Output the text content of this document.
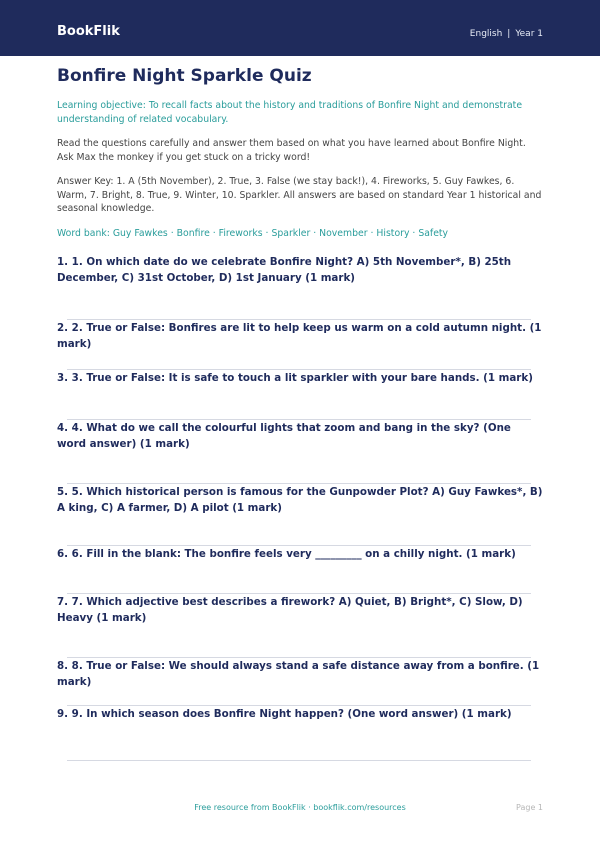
BookFlik	English | Year 1
Bonfire Night Sparkle Quiz
Learning objective: To recall facts about the history and traditions of Bonfire Night and demonstrate understanding of related vocabulary.
Read the questions carefully and answer them based on what you have learned about Bonfire Night. Ask Max the monkey if you get stuck on a tricky word!
Answer Key: 1. A (5th November), 2. True, 3. False (we stay back!), 4. Fireworks, 5. Guy Fawkes, 6. Warm, 7. Bright, 8. True, 9. Winter, 10. Sparkler. All answers are based on standard Year 1 historical and seasonal knowledge.
Word bank: Guy Fawkes · Bonfire · Fireworks · Sparkler · November · History · Safety

1. 1. On which date do we celebrate Bonfire Night? A) 5th November*, B) 25th December, C) 31st October, D) 1st January (1 mark)

2. 2. True or False: Bonfires are lit to help keep us warm on a cold autumn night. (1 mark)

3. 3. True or False: It is safe to touch a lit sparkler with your bare hands. (1 mark)

4. 4. What do we call the colourful lights that zoom and bang in the sky? (One word answer) (1 mark)

5. 5. Which historical person is famous for the Gunpowder Plot? A) Guy Fawkes*, B) A king, C) A farmer, D) A pilot (1 mark)

6. 6. Fill in the blank: The bonfire feels very _________ on a chilly night. (1 mark)

7. 7. Which adjective best describes a firework? A) Quiet, B) Bright*, C) Slow, D) Heavy (1 mark)

8. 8. True or False: We should always stand a safe distance away from a bonfire. (1 mark)

9. 9. In which season does Bonfire Night happen? (One word answer) (1 mark)

Free resource from BookFlik · bookflik.com/resources	Page 1
